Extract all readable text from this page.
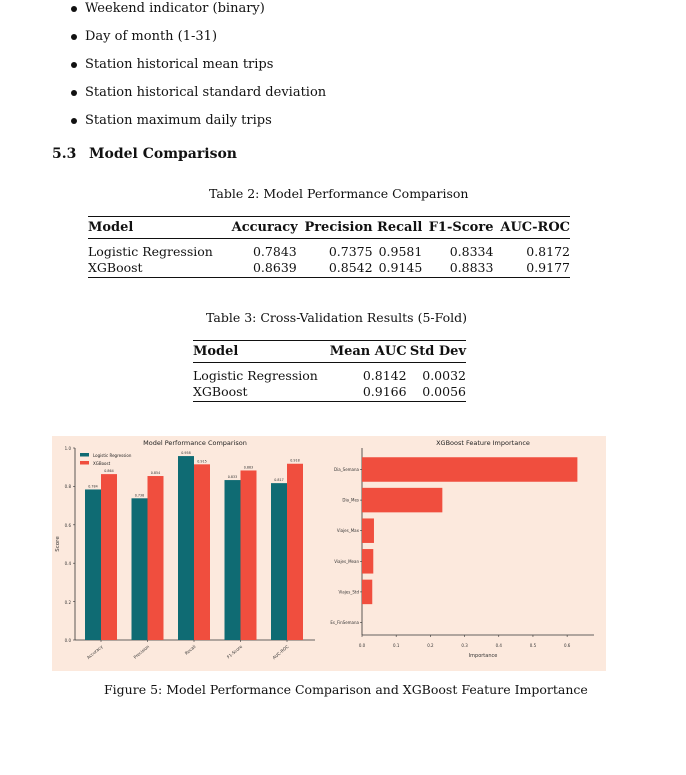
Weekend indicator (binary)
Day of month (1-31)
Station historical mean trips
Station historical standard deviation
Station maximum daily trips
5.3 Model Comparison
Table 2: Model Performance Comparison
Model	Accuracy	Precision	Recall	F1-Score	AUC-ROC
Logistic Regression	0.7843	0.7375	0.9581	0.8334	0.8172
XGBoost	0.8639	0.8542	0.9145	0.8833	0.9177
Table 3: Cross-Validation Results (5-Fold)
Model	Mean AUC	Std Dev
Logistic Regression	0.8142	0.0032
XGBoost	0.9166	0.0056
Model Performance Comparison
Score
0.0
0.2
0.4
0.6
0.8
1.0
0.784
0.864
0.738
0.854
0.958
0.915
0.833
0.883
0.817
0.918
Accuracy	Precision	Recall	F1-Score	AUC-ROC
Logistic Regression
XGBoost
XGBoost Feature Importance
Importance
Dia_Semana
Dia_Mes
Viajes_Max
Viajes_Mean
Viajes_Std
Es_FinSemana
0.0	0.1	0.2	0.3	0.4	0.5	0.6
Figure 5: Model Performance Comparison and XGBoost Feature Importance
